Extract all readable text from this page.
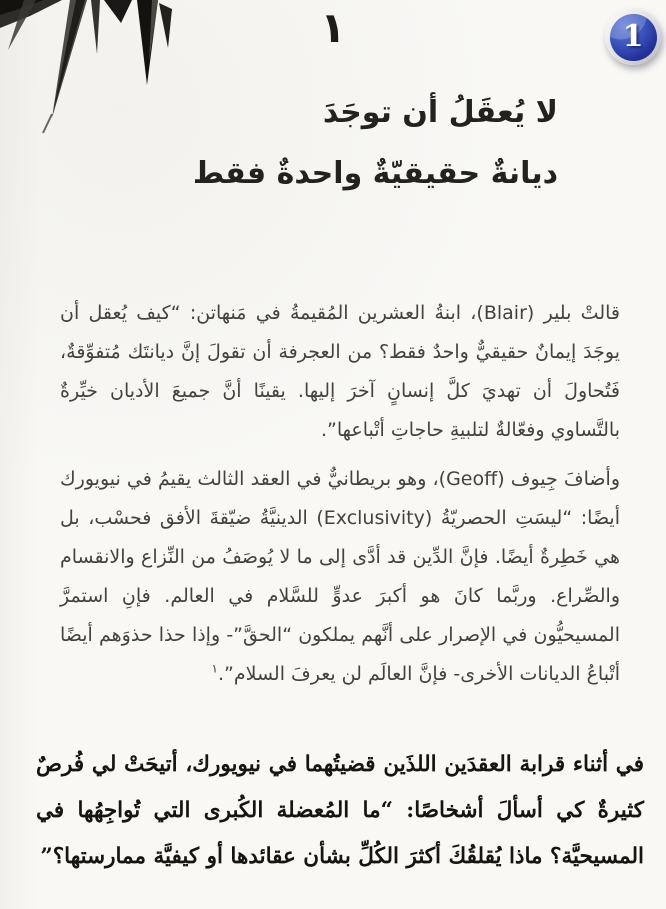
١	1
لا يُعقَلُ أن توجَدَ
ديانةٌ حقيقيّةٌ واحدةٌ فقط

قالتْ بلير (Blair)، ابنةُ العشرين المُقيمةُ في مَنهاتن: “كيف يُعقل أن يوجَدَ إيمانٌ حقيقيٌّ واحدٌ فقط؟ من العجرفة أن تقولَ إنَّ ديانتَك مُتفوِّقةٌ، فَتُحاولَ أن تهديَ كلَّ إنسانٍ آخرَ إليها. يقينًا أنَّ جميعَ الأديان خيِّرةٌ بالتَّساوي وفعّالةٌ لتلبيةِ حاجاتِ أتْباعها”.

وأضافَ جِيوف (Geoff)، وهو بريطانيٌّ في العقد الثالث يقيمُ في نيويورك أيضًا: “ليسَتِ الحصريّةُ (Exclusivity) الدينيَّةُ ضيّقةَ الأفق فحسْب، بل هي خَطِرةٌ أيضًا. فإنَّ الدِّين قد أدَّى إلى ما لا يُوصَفُ من النِّزاع والانقسام والصِّراع. وربَّما كانَ هو أكبرَ عدوٍّ للسَّلام في العالم. فإنِ استمرَّ المسيحيُّون في الإصرار على أنَّهم يملكون “الحقَّ”- وإذا حذا حذوَهم أيضًا أتْباعُ الديانات الأخرى- فإنَّ العالَم لن يعرفَ السلام”.$^١$

في أثناء قرابة العقدَين اللذَين قضيتُهما في نيويورك، أتيحَتْ لي فُرصٌ كثيرةٌ كي أسألَ أشخاصًا: “ما المُعضلة الكُبرى التي تُواجِهُها في المسيحيَّة؟ ماذا يُقلقُكَ أكثرَ الكُلِّ بشأن عقائدها أو كيفيَّة ممارستها؟”
